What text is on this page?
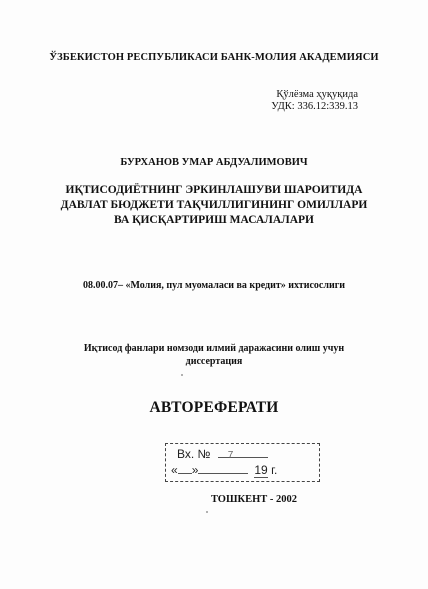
ЎЗБЕКИСТОН РЕСПУБЛИКАСИ БАНК-МОЛИЯ АКАДЕМИЯСИ
Қўлёзма ҳуқуқида
УДК: 336.12:339.13
БУРХАНОВ УМАР АБДУАЛИМОВИЧ
ИҚТИСОДИЁТНИНГ ЭРКИНЛАШУВИ ШАРОИТИДА
ДАВЛАТ БЮДЖЕТИ ТАҚЧИЛЛИГИНИНГ ОМИЛЛАРИ
ВА ҚИСҚАРТИРИШ МАСАЛАЛАРИ
08.00.07– «Молия, пул муомаласи ва кредит» ихтисослиги
Иқтисод фанлари номзоди илмий даражасини олиш учун
диссертация
АВТОРЕФЕРАТИ
Вх. № 7
« »	19 г.
ТОШКЕНТ - 2002
